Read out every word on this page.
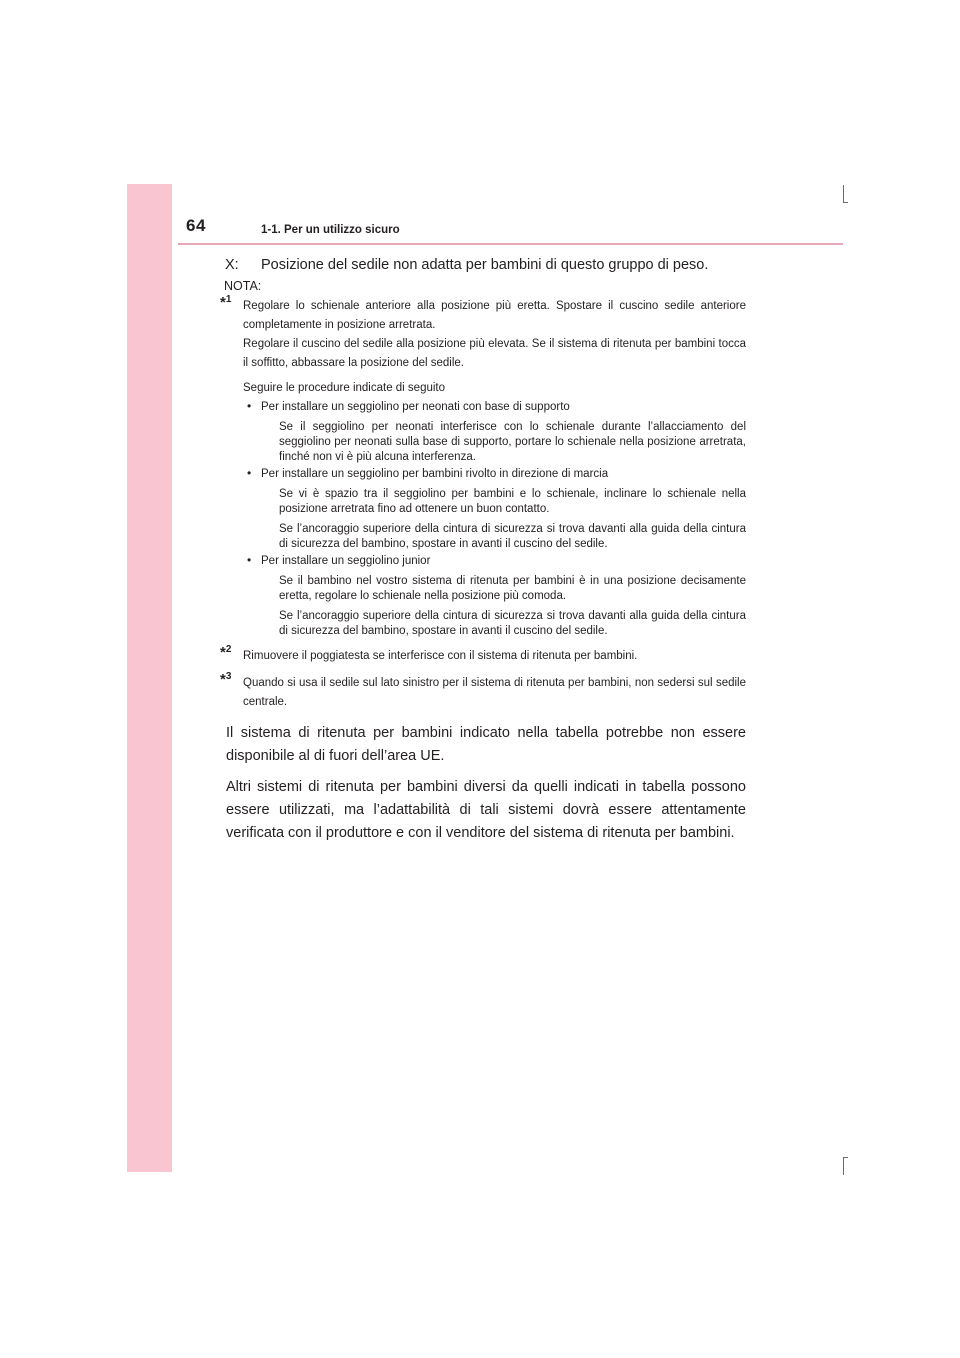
64	1-1. Per un utilizzo sicuro
X: Posizione del sedile non adatta per bambini di questo gruppo di peso.
NOTA:
*$^1$

Regolare lo schienale anteriore alla posizione più eretta. Spostare il cuscino sedile anteriore completamente in posizione arretrata.

Regolare il cuscino del sedile alla posizione più elevata. Se il sistema di ritenuta per bambini tocca il soffitto, abbassare la posizione del sedile.

Seguire le procedure indicate di seguito

• Per installare un seggiolino per neonati con base di supporto
Se il seggiolino per neonati interferisce con lo schienale durante l’allacciamento del seggiolino per neonati sulla base di supporto, portare lo schienale nella posizione arretrata, finché non vi è più alcuna interferenza.
• Per installare un seggiolino per bambini rivolto in direzione di marcia
Se vi è spazio tra il seggiolino per bambini e lo schienale, inclinare lo schienale nella posizione arretrata fino ad ottenere un buon contatto.
Se l’ancoraggio superiore della cintura di sicurezza si trova davanti alla guida della cintura di sicurezza del bambino, spostare in avanti il cuscino del sedile.
• Per installare un seggiolino junior
Se il bambino nel vostro sistema di ritenuta per bambini è in una posizione decisamente eretta, regolare lo schienale nella posizione più comoda.
Se l’ancoraggio superiore della cintura di sicurezza si trova davanti alla guida della cintura di sicurezza del bambino, spostare in avanti il cuscino del sedile.
*$^2$
Rimuovere il poggiatesta se interferisce con il sistema di ritenuta per bambini.
*$^3$
Quando si usa il sedile sul lato sinistro per il sistema di ritenuta per bambini, non sedersi sul sedile centrale.
Il sistema di ritenuta per bambini indicato nella tabella potrebbe non essere disponibile al di fuori dell’area UE.
Altri sistemi di ritenuta per bambini diversi da quelli indicati in tabella possono essere utilizzati, ma l’adattabilità di tali sistemi dovrà essere attentamente verificata con il produttore e con il venditore del sistema di ritenuta per bambini.
